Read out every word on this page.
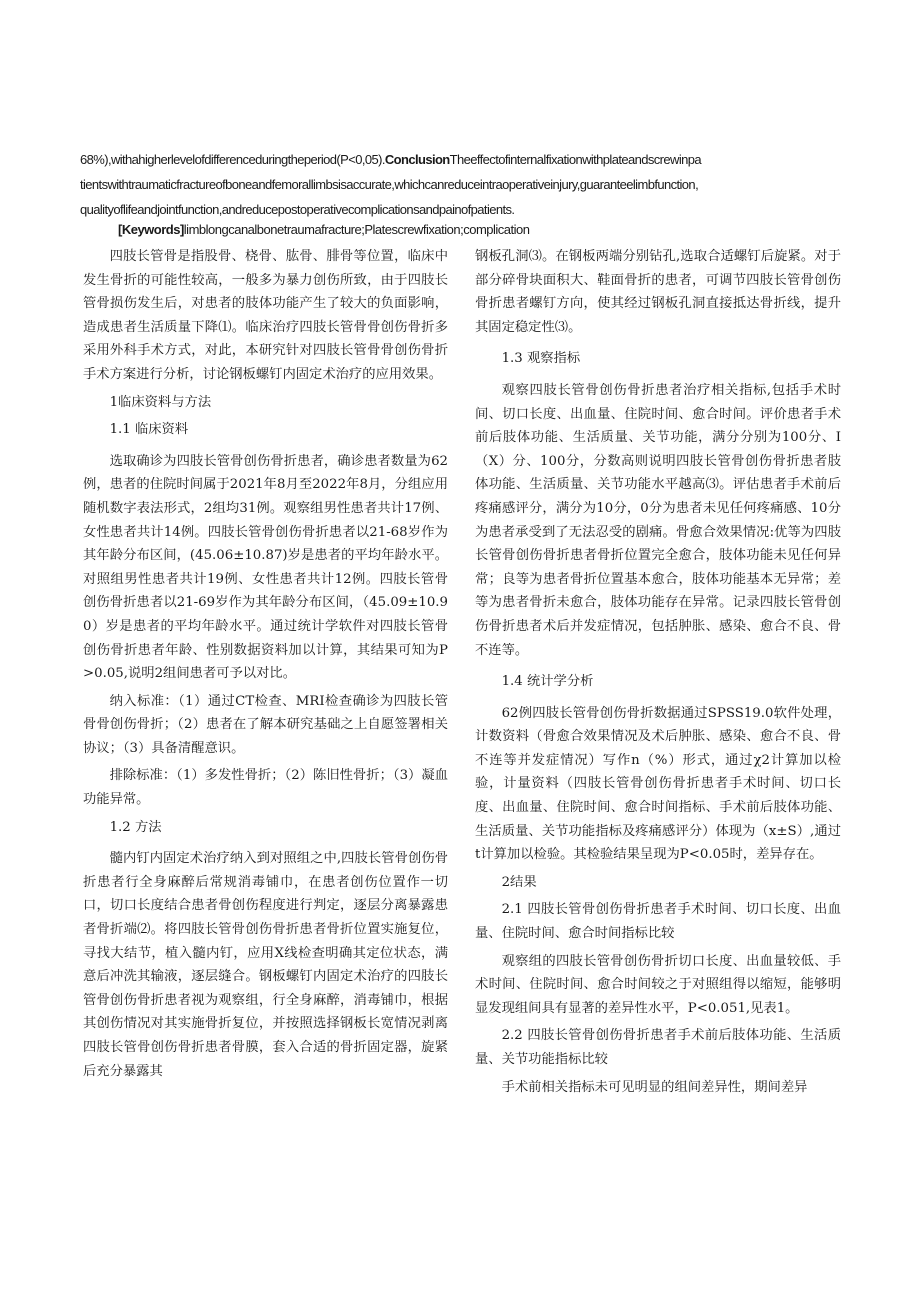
68%),withahigherlevelofdifferenceduringtheperiod(P<0,05).ConclusionTheeffectofinternalfixationwithplateandscrewinpa
tientswithtraumaticfractureofboneandfemorallimbsisaccurate,whichcanreduceintraoperativeinjury,guaranteelimbfunction,
qualityoflifeandjointfunction,andreducepostoperativecomplicationsandpainofpatients.
[Keywords]limblongcanalbonetraumafracture;Platescrewfixation;complication

四肢长管骨是指股骨、桡骨、肱骨、腓骨等位置，临床中发生骨折的可能性较高，一般多为暴力创伤所致，由于四肢长管骨损伤发生后，对患者的肢体功能产生了较大的负面影响，造成患者生活质量下降⑴。临床治疗四肢长管骨骨创伤骨折多采用外科手术方式，对此，本研究针对四肢长管骨骨创伤骨折手术方案进行分析，讨论钢板螺钉内固定术治疗的应用效果。

1临床资料与方法

1.1 临床资料

选取确诊为四肢长管骨创伤骨折患者，确诊患者数量为62例，患者的住院时间属于2021年8月至2022年8月，分组应用随机数字表法形式，2组均31例。观察组男性患者共计17例、女性患者共计14例。四肢长管骨创伤骨折患者以21-68岁作为其年龄分布区间，(45.06±10.87)岁是患者的平均年龄水平。对照组男性患者共计19例、女性患者共计12例。四肢长管骨创伤骨折患者以21-69岁作为其年龄分布区间，（45.09±10.90）岁是患者的平均年龄水平。通过统计学软件对四肢长管骨创伤骨折患者年龄、性别数据资料加以计算，其结果可知为P>0.05,说明2组间患者可予以对比。

纳入标准：（1）通过CT检查、MRI检查确诊为四肢长管骨骨创伤骨折；（2）患者在了解本研究基础之上自愿签署相关协议；（3）具备清醒意识。

排除标准：（1）多发性骨折；（2）陈旧性骨折；（3）凝血功能异常。

1.2 方法

髓内钉内固定术治疗纳入到对照组之中,四肢长管骨创伤骨折患者行全身麻醉后常规消毒铺巾，在患者创伤位置作一切口，切口长度结合患者骨创伤程度进行判定，逐层分离暴露患者骨折端⑵。将四肢长管骨创伤骨折患者骨折位置实施复位，寻找大结节，植入髓内钉，应用X线检查明确其定位状态，满意后冲洗其输液，逐层缝合。钢板螺钉内固定术治疗的四肢长管骨创伤骨折患者视为观察组，行全身麻醉，消毒铺巾，根据其创伤情况对其实施骨折复位，并按照选择钢板长宽情况剥离四肢长管骨创伤骨折患者骨膜，套入合适的骨折固定器，旋紧后充分暴露其

钢板孔洞⑶。在钢板两端分别钻孔,选取合适螺钉后旋紧。对于部分碎骨块面积大、鞋面骨折的患者，可调节四肢长管骨创伤骨折患者螺钉方向，使其经过钢板孔洞直接抵达骨折线，提升其固定稳定性⑶。

1.3 观察指标

观察四肢长管骨创伤骨折患者治疗相关指标,包括手术时间、切口长度、出血量、住院时间、愈合时间。评价患者手术前后肢体功能、生活质量、关节功能，满分分别为100分、I（X）分、100分，分数高则说明四肢长管骨创伤骨折患者肢体功能、生活质量、关节功能水平越高⑶。评估患者手术前后疼痛感评分，满分为10分，0分为患者未见任何疼痛感、10分为患者承受到了无法忍受的剧痛。骨愈合效果情况:优等为四肢长管骨创伤骨折患者骨折位置完全愈合，肢体功能未见任何异常；良等为患者骨折位置基本愈合，肢体功能基本无异常；差等为患者骨折未愈合，肢体功能存在异常。记录四肢长管骨创伤骨折患者术后并发症情况，包括肿胀、感染、愈合不良、骨不连等。

1.4 统计学分析

62例四肢长管骨创伤骨折数据通过SPSS19.0软件处理，计数资料（骨愈合效果情况及术后肿胀、感染、愈合不良、骨不连等并发症情况）写作n（%）形式，通过χ2计算加以检验，计量资料（四肢长管骨创伤骨折患者手术时间、切口长度、出血量、住院时间、愈合时间指标、手术前后肢体功能、生活质量、关节功能指标及疼痛感评分）体现为（x±S）,通过t计算加以检验。其检验结果呈现为P<0.05时，差异存在。

2结果

2.1 四肢长管骨创伤骨折患者手术时间、切口长度、出血量、住院时间、愈合时间指标比较

观察组的四肢长管骨创伤骨折切口长度、出血量较低、手术时间、住院时间、愈合时间较之于对照组得以缩短，能够明显发现组间具有显著的差异性水平，P<0.051,见表1。

2.2 四肢长管骨创伤骨折患者手术前后肢体功能、生活质量、关节功能指标比较

手术前相关指标未可见明显的组间差异性，期间差异
